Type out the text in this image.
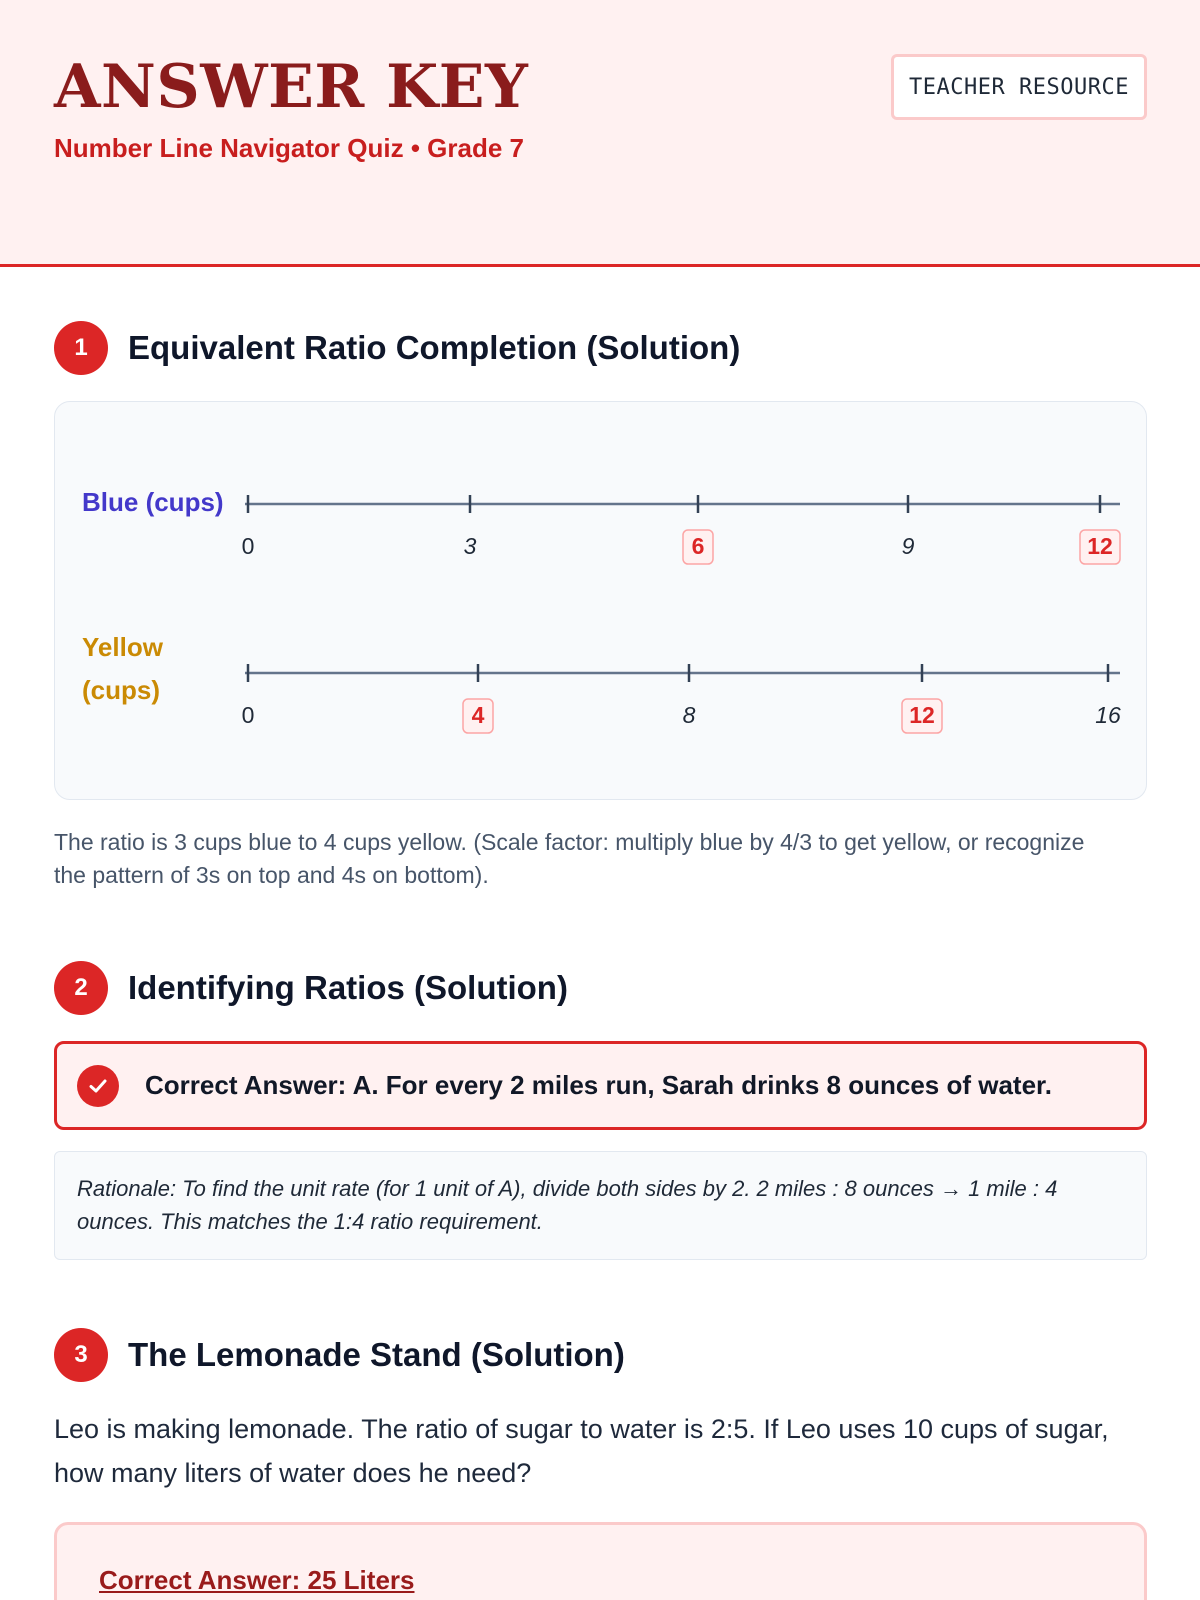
ANSWER KEY
Number Line Navigator Quiz • Grade 7
TEACHER RESOURCE
1	Equivalent Ratio Completion (Solution)
Blue (cups)
0	3	6	9	12
Yellow (cups)
0	4	8	12	16
The ratio is 3 cups blue to 4 cups yellow. (Scale factor: multiply blue by 4/3 to get yellow, or recognize the pattern of 3s on top and 4s on bottom).
2	Identifying Ratios (Solution)
Correct Answer: A. For every 2 miles run, Sarah drinks 8 ounces of water.
Rationale: To find the unit rate (for 1 unit of A), divide both sides by 2. 2 miles : 8 ounces → 1 mile : 4 ounces. This matches the 1:4 ratio requirement.
3	The Lemonade Stand (Solution)
Leo is making lemonade. The ratio of sugar to water is 2:5. If Leo uses 10 cups of sugar, how many liters of water does he need?
Correct Answer: 25 Liters
